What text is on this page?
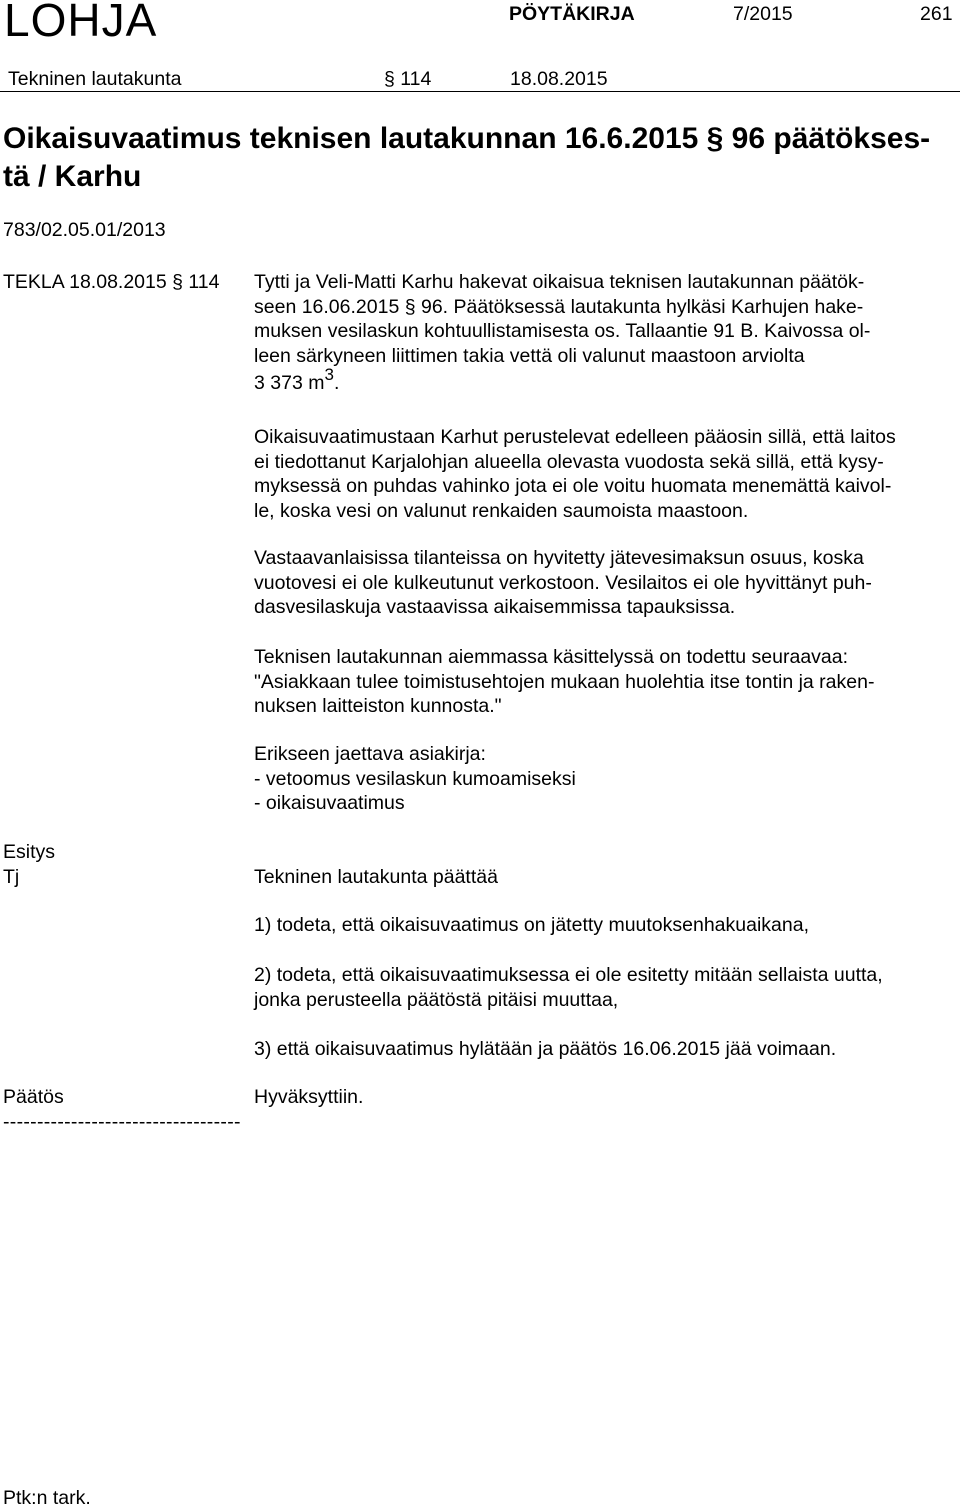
LOHJA	PÖYTÄKIRJA	7/2015	261
Tekninen lautakunta	§ 114	18.08.2015
Oikaisuvaatimus teknisen lautakunnan 16.6.2015 § 96 päätökses-
tä / Karhu
783/02.05.01/2013
TEKLA 18.08.2015 § 114 Tytti ja Veli-Matti Karhu hakevat oikaisua teknisen lautakunnan päätök-
seen 16.06.2015 § 96. Päätöksessä lautakunta hylkäsi Karhujen hake-
muksen vesilaskun kohtuullistamisesta os. Tallaantie 91 B. Kaivossa ol-
leen särkyneen liittimen takia vettä oli valunut maastoon arviolta
3 373 $m^3$.
Oikaisuvaatimustaan Karhut perustelevat edelleen pääosin sillä, että laitos
ei tiedottanut Karjalohjan alueella olevasta vuodosta sekä sillä, että kysy-
myksessä on puhdas vahinko jota ei ole voitu huomata menemättä kaivol-
le, koska vesi on valunut renkaiden saumoista maastoon.
Vastaavanlaisissa tilanteissa on hyvitetty jätevesimaksun osuus, koska
vuotovesi ei ole kulkeutunut verkostoon. Vesilaitos ei ole hyvittänyt puh-
dasvesilaskuja vastaavissa aikaisemmissa tapauksissa.
Teknisen lautakunnan aiemmassa käsittelyssä on todettu seuraavaa:
"Asiakkaan tulee toimistusehtojen mukaan huolehtia itse tontin ja raken-
nuksen laitteiston kunnosta."
Erikseen jaettava asiakirja:
- vetoomus vesilaskun kumoamiseksi
- oikaisuvaatimus
Esitys
Tj	Tekninen lautakunta päättää
1) todeta, että oikaisuvaatimus on jätetty muutoksenhakuaikana,
2) todeta, että oikaisuvaatimuksessa ei ole esitetty mitään sellaista uutta,
jonka perusteella päätöstä pitäisi muuttaa,
3) että oikaisuvaatimus hylätään ja päätös 16.06.2015 jää voimaan.
Päätös	Hyväksyttiin.
-----------------------------------
Ptk:n tark.
